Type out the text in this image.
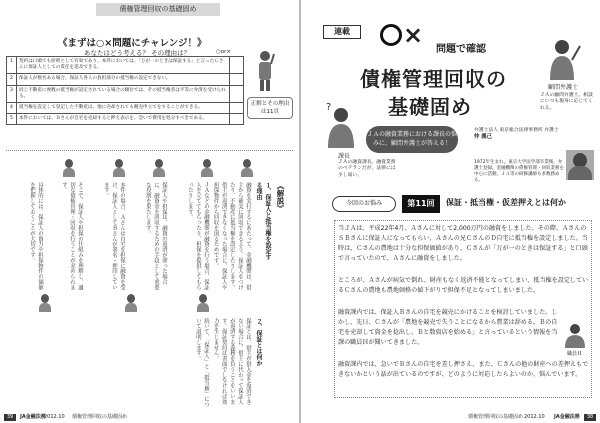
債権管理回収の基礎固め
《まずは○×問題にチャレンジ！》
あなたはどう考える？ その理由は？	○or×
1	契約は口頭でも原則として有効であり、本件においては、「万が一のときは保証する」と言ったＣさんに保証人としての責任を追及できる。	
2	保証人が数名ある場合、保証人各人の負担部分の抵当権の設定できない。	
3	同じ不動産に複数の抵当権が設定されている場合の順位では、その抵当権者は平等に弁済を受けられる。	
4	抵当権を設定して登記した不動産は、他に売却されても競売申立てをすることができる。	
5	本件においては、Ｂさんが自宅を売却すると押え表示を、急いで費用を処分すべきである。	
正解とその理由は11頁
《解説》
１、保証人と抵当権を設定する理由
融資を実行するにあたって、金融機関は、借主から確実に回収できるよう、保証人をつけたり、不動産に抵当権を設定したりします。借主が返済できなくなった場合に、保証人や担保物件から回収を図るためです。
ＪＡなどの金融機関が融資を行う場合、保証人を立ててもらったり、担保を提供してもらったりします。
保証人や担保は、融資の返済が滞った場合に、融資金を回収するための手段として重要な役割を果たします。
本件の場合、Ａさんは自宅を担保に融資を受け、保証人としてＢさんが署名・押印しています。
そこで、保証人や担保の仕組みを理解し、適切な債権管理・回収を行うことが求められます。
具体的には、保証人の資力や担保物件の価値を把握しておくことが大切です。
２、保証とは何か
保証とは、借主が借入金を返済できない場合に、借主に代わって保証人が返済する義務を負うことをいいます。保証契約は書面でしなければ効力を生じません。
続いて、「保証人」と「抵当権」について説明します。
39	JA金融法務
2012.10 債権管理回収の基礎固め
連載	×
問題で確認
債権管理回収の
基礎固め
顧問弁護士
ＪＡの顧問弁護士。相談にいつも親身に応じてくれる。
?
課長
ＪＡの融資課長。融資業務のベテランだが、法律には少し弱い。
ＪＡの融資業務における課長の悩みに、顧問弁護士が答える！
弁護士法人 東京総合法律事務所 弁護士
仲 義己
1972年生まれ。東京大学法学部卒業後、弁護士登録。金融機関の債権管理・回収業務を中心に活動。ＪＡ等の研修講師も多数務める。
今回のお悩み	第11回	保証・抵当権・仮差押えとは何か
当ＪＡは、平成22年4月、Ａさんに対して2,000万円の融資をしました。その際、ＡさんのＳＢさんに保証人になってもらい、Ａさんの兄ＣさんのＤ自宅に抵当権を設定しました。当時は、Ｃさんの農地は十分な担保価値があり、Ｃさんが「万が一のときは保証する」と口頭で言っていたので、Ａさんに融資をしました。
ところが、Ａさんが病気で倒れ、財産もなく返済不能となってしまい、抵当権を設定しているＣさんの農地も農地価格の値下がりで担保不足となってしまいました。
融資課内では、保証人Ｂさんの自宅を競売にかけることを検討していました。しかし、先日、Ｃさんが「農地を競売で失うことになるから農業は辞める。Ｂの自宅を売却して資金を捻出し、Ｂと数資店を始める」と言っているという情報を当課の職員Ｈが聞いてきました。
融資課内では、急いでＢさんの自宅を差し押さえ、また、Ｃさんの他の財産への差押えもできないかという話が出ているのですが、どのように対応したらよいのか、悩んでいます。
職員Ｈ
債権管理回収の基礎固め 2012.10 JA金融法務	38
